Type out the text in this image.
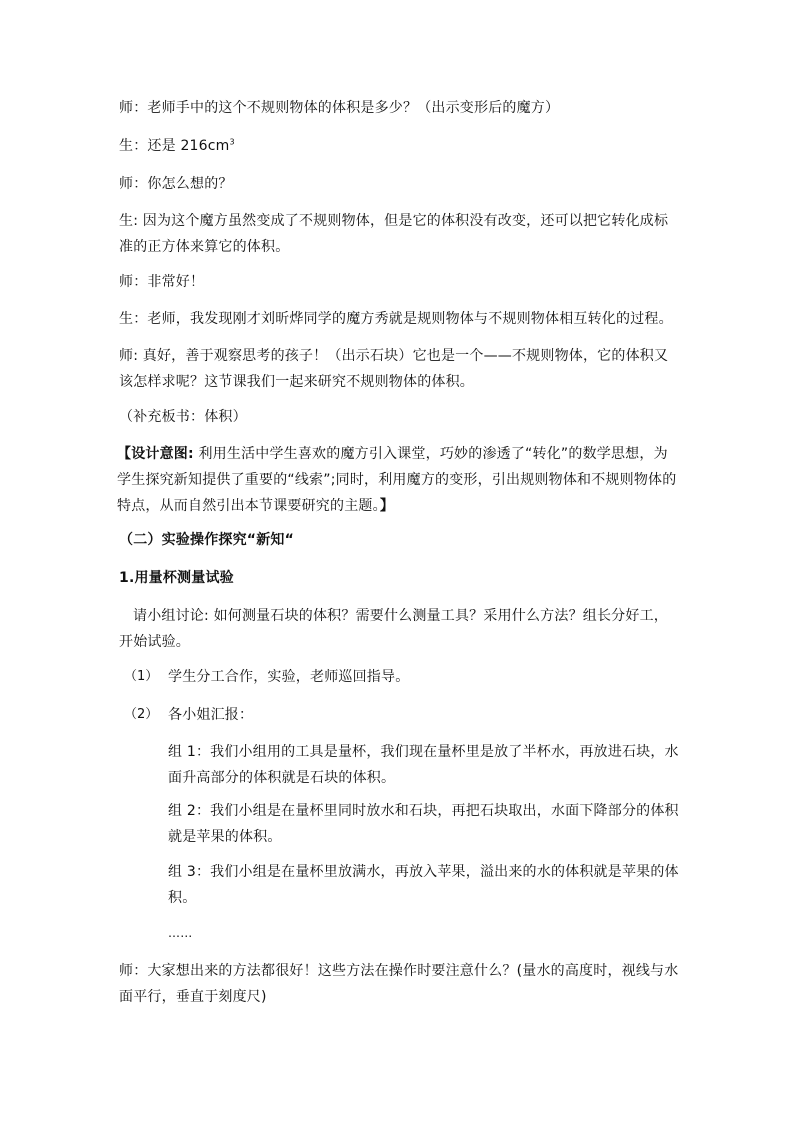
师：老师手中的这个不规则物体的体积是多少？（出示变形后的魔方）

生：还是 $216cm^3$

师：你怎么想的？

生: 因为这个魔方虽然变成了不规则物体，但是它的体积没有改变，还可以把它转化成标准的正方体来算它的体积。

师：非常好！

生：老师，我发现刚才刘昕烨同学的魔方秀就是规则物体与不规则物体相互转化的过程。

师: 真好，善于观察思考的孩子！（出示石块）它也是一个——不规则物体，它的体积又该怎样求呢？这节课我们一起来研究不规则物体的体积。

（补充板书：体积）

【设计意图: 利用生活中学生喜欢的魔方引入课堂，巧妙的渗透了“转化”的数学思想，为学生探究新知提供了重要的“线索”;同时，利用魔方的变形，引出规则物体和不规则物体的特点，从而自然引出本节课要研究的主题。】

（二）实验操作探究“新知“

1.用量杯测量试验

请小组讨论: 如何测量石块的体积？需要什么测量工具？采用什么方法？组长分好工，开始试验。

（1） 学生分工合作，实验，老师巡回指导。

（2） 各小姐汇报：

组 1：我们小组用的工具是量杯，我们现在量杯里是放了半杯水，再放进石块，水面升高部分的体积就是石块的体积。

组 2：我们小组是在量杯里同时放水和石块，再把石块取出，水面下降部分的体积就是苹果的体积。

组 3：我们小组是在量杯里放满水，再放入苹果，溢出来的水的体积就是苹果的体积。

……

师：大家想出来的方法都很好！这些方法在操作时要注意什么？(量水的高度时，视线与水面平行，垂直于刻度尺)
